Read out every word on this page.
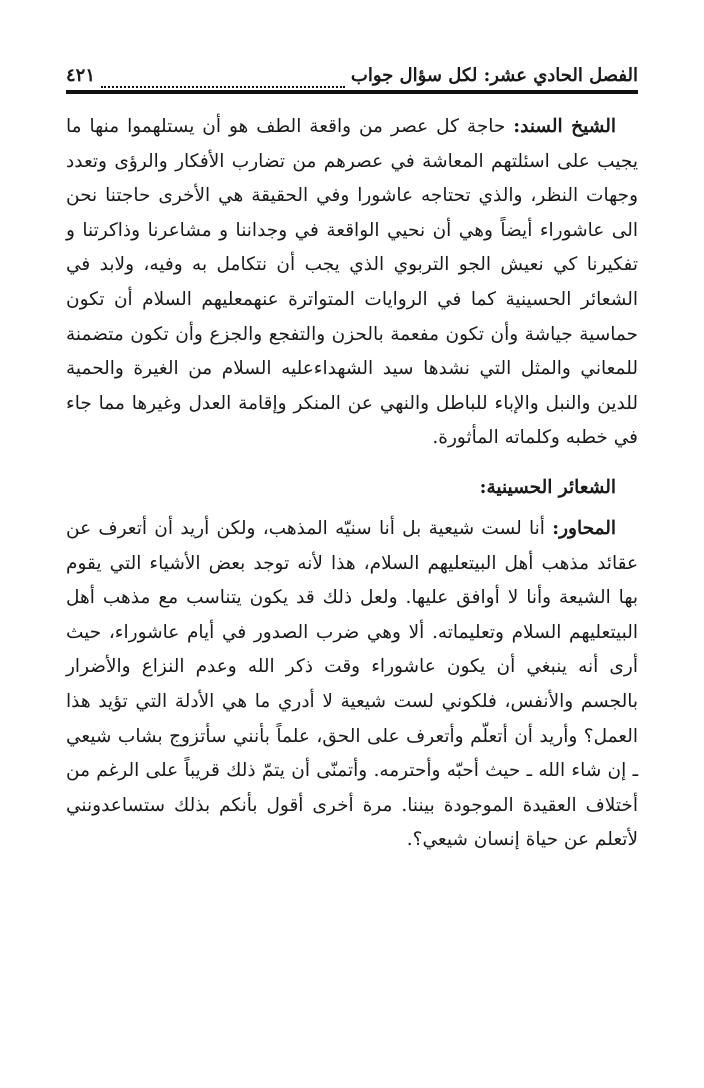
الفصل الحادي عشر: لكل سؤال جواب
٤٢١

الشيخ السند: حاجة كل عصر من واقعة الطف هو أن يستلهموا منها ما يجيب على اسئلتهم المعاشة في عصرهم من تضارب الأفكار والرؤى وتعدد وجهات النظر، والذي تحتاجه عاشورا وفي الحقيقة هي الأخرى حاجتنا نحن الى عاشوراء أيضاً وهي أن نحيي الواقعة في وجداننا و مشاعرنا وذاكرتنا و تفكيرنا كي نعيش الجو التربوي الذي يجب أن نتكامل به وفيه، ولابد في الشعائر الحسينية كما في الروايات المتواترة عنهمعليهم السلام أن تكون حماسية جياشة وأن تكون مفعمة بالحزن والتفجع والجزع وأن تكون متضمنة للمعاني والمثل التي نشدها سيد الشهداءعليه السلام من الغيرة والحمية للدين والنبل والإباء للباطل والنهي عن المنكر وإقامة العدل وغيرها مما جاء في خطبه وكلماته المأثورة.

الشعائر الحسينية:

المحاور: أنا لست شيعية بل أنا سنيّه المذهب، ولكن أريد أن أتعرف عن عقائد مذهب أهل البيتعليهم السلام، هذا لأنه توجد بعض الأشياء التي يقوم بها الشيعة وأنا لا أوافق عليها. ولعل ذلك قد يكون يتناسب مع مذهب أهل البيتعليهم السلام وتعليماته. ألا وهي ضرب الصدور في أيام عاشوراء، حيث أرى أنه ينبغي أن يكون عاشوراء وقت ذكر الله وعدم النزاع والأضرار بالجسم والأنفس، فلكوني لست شيعية لا أدري ما هي الأدلة التي تؤيد هذا العمل؟ وأريد أن أتعلّم وأتعرف على الحق، علماً بأنني سأتزوج بشاب شيعي ـ إن شاء الله ـ حيث أحبّه وأحترمه. وأتمنّى أن يتمّ ذلك قريباً على الرغم من أختلاف العقيدة الموجودة بيننا. مرة أخرى أقول بأنكم بذلك ستساعدونني لأتعلم عن حياة إنسان شيعي؟.
